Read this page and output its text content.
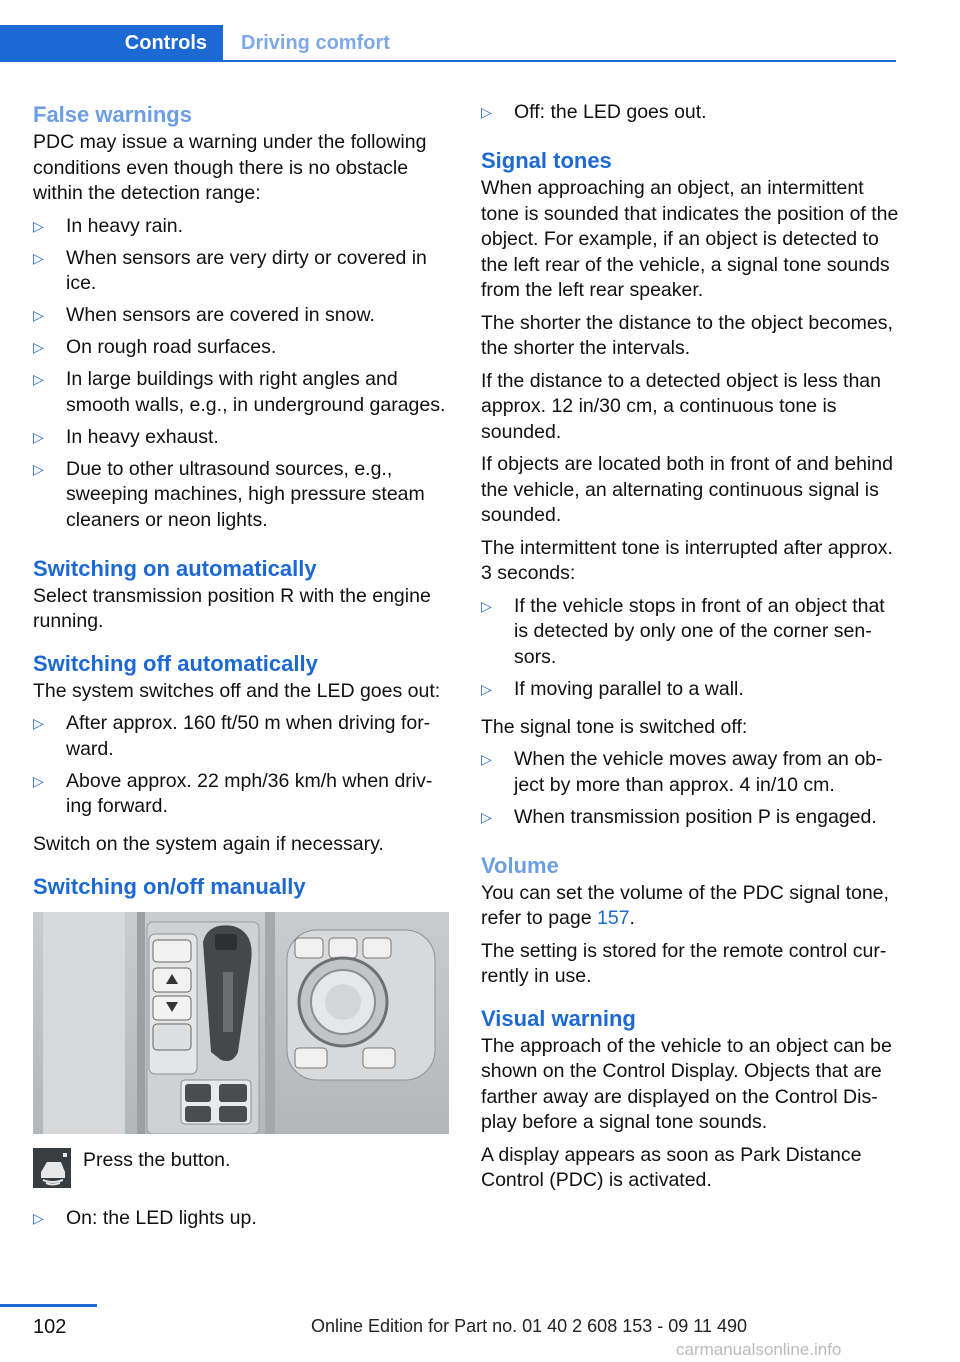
Controls	Driving comfort
False warnings

PDC may issue a warning under the following conditions even though there is no obstacle within the detection range:

▷ In heavy rain.
▷ When sensors are very dirty or covered in ice.
▷ When sensors are covered in snow.
▷ On rough road surfaces.
▷ In large buildings with right angles and smooth walls, e.g., in underground garages.
▷ In heavy exhaust.
▷ Due to other ultrasound sources, e.g., sweeping machines, high pressure steam cleaners or neon lights.
Switching on automatically

Select transmission position R with the engine running.

Switching off automatically

The system switches off and the LED goes out:

▷ After approx. 160 ft/50 m when driving for- ward.
▷ Above approx. 22 mph/36 km/h when driv- ing forward.

Switch on the system again if necessary.

Switching on/off manually
Press the button.
▷ On: the LED lights up.
▷ Off: the LED goes out.
Signal tones

When approaching an object, an intermittent tone is sounded that indicates the position of the object. For example, if an object is detected to the left rear of the vehicle, a signal tone sounds from the left rear speaker.

The shorter the distance to the object becomes, the shorter the intervals.

If the distance to a detected object is less than approx. 12 in/30 cm, a continuous tone is sounded.

If objects are located both in front of and behind the vehicle, an alternating continuous signal is sounded.

The intermittent tone is interrupted after approx. 3 seconds:

▷ If the vehicle stops in front of an object that is detected by only one of the corner sen- sors.
▷ If moving parallel to a wall.

The signal tone is switched off:

▷ When the vehicle moves away from an ob- ject by more than approx. 4 in/10 cm.
▷ When transmission position P is engaged.
Volume

You can set the volume of the PDC signal tone, refer to page 157.

The setting is stored for the remote control cur- rently in use.

Visual warning

The approach of the vehicle to an object can be shown on the Control Display. Objects that are farther away are displayed on the Control Dis- play before a signal tone sounds.

A display appears as soon as Park Distance Control (PDC) is activated.

102	Online Edition for Part no. 01 40 2 608 153 - 09 11 490
carmanualsonline.info
